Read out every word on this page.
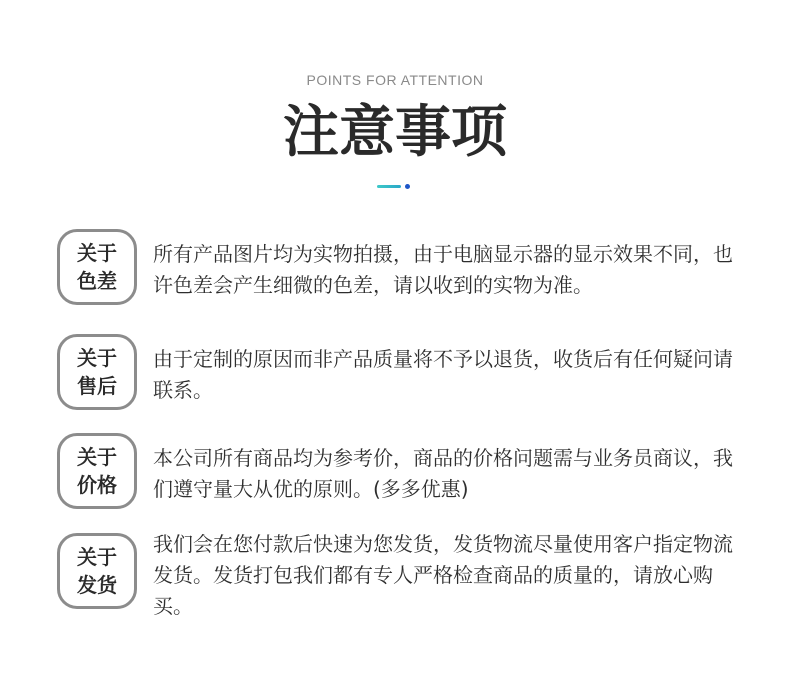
POINTS FOR ATTENTION
注意事项
关于
色差
所有产品图片均为实物拍摄，由于电脑显示器的显示效果不同，也许色差会产生细微的色差，请以收到的实物为准。
关于
售后
由于定制的原因而非产品质量将不予以退货，收货后有任何疑问请联系。
关于
价格
本公司所有商品均为参考价，商品的价格问题需与业务员商议，我们遵守量大从优的原则。(多多优惠)
关于
发货
我们会在您付款后快速为您发货，发货物流尽量使用客户指定物流发货。发货打包我们都有专人严格检查商品的质量的，请放心购买。
